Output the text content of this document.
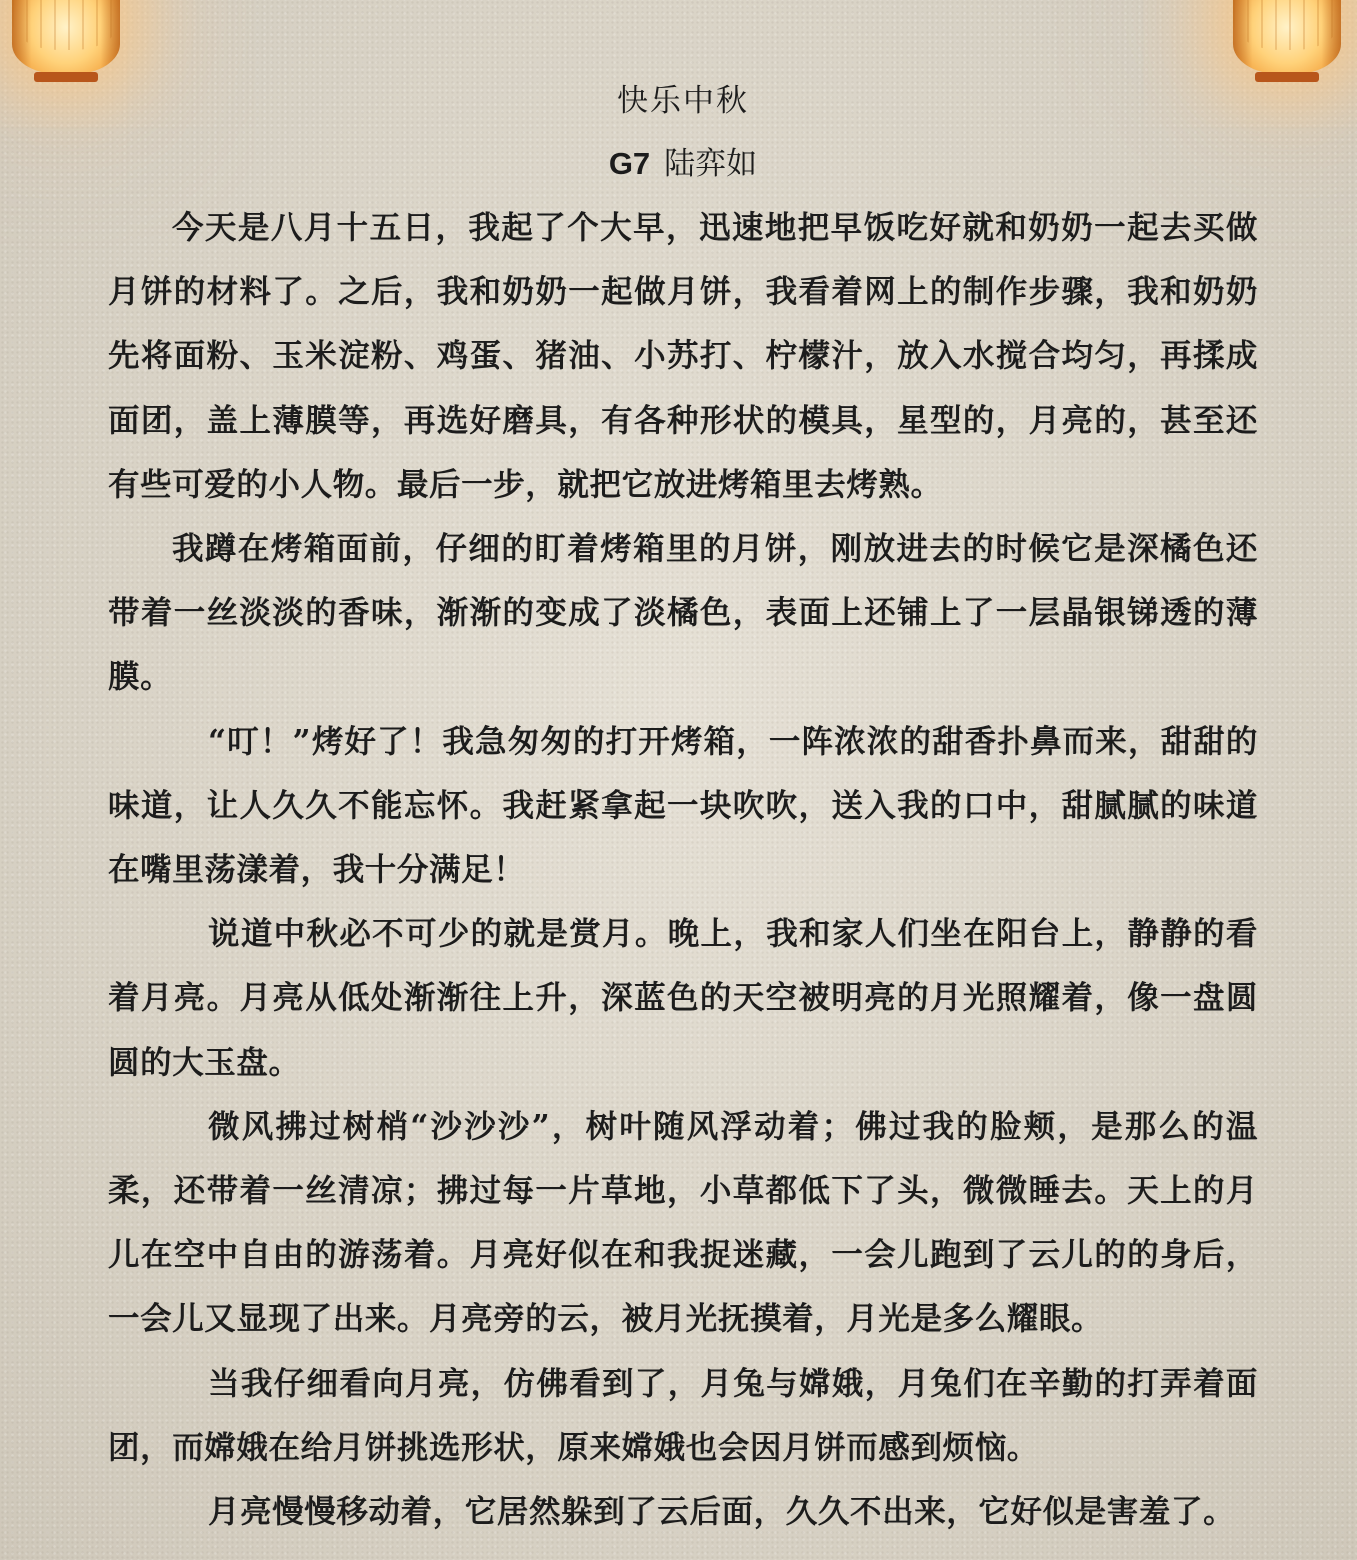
快乐中秋

G7 陆弈如

今天是八月十五日，我起了个大早，迅速地把早饭吃好就和奶奶一起去买做月饼的材料了。之后，我和奶奶一起做月饼，我看着网上的制作步骤，我和奶奶先将面粉、玉米淀粉、鸡蛋、猪油、小苏打、柠檬汁，放入水搅合均匀，再揉成面团，盖上薄膜等，再选好磨具，有各种形状的模具，星型的，月亮的，甚至还有些可爱的小人物。最后一步，就把它放进烤箱里去烤熟。

我蹲在烤箱面前，仔细的盯着烤箱里的月饼，刚放进去的时候它是深橘色还带着一丝淡淡的香味，渐渐的变成了淡橘色，表面上还铺上了一层晶银锑透的薄膜。

“叮！”烤好了！我急匆匆的打开烤箱，一阵浓浓的甜香扑鼻而来，甜甜的味道，让人久久不能忘怀。我赶紧拿起一块吹吹，送入我的口中，甜腻腻的味道在嘴里荡漾着，我十分满足！

说道中秋必不可少的就是赏月。晚上，我和家人们坐在阳台上，静静的看着月亮。月亮从低处渐渐往上升，深蓝色的天空被明亮的月光照耀着，像一盘圆圆的大玉盘。

微风拂过树梢“沙沙沙”，树叶随风浮动着；佛过我的脸颊，是那么的温柔，还带着一丝清凉；拂过每一片草地，小草都低下了头，微微睡去。天上的月儿在空中自由的游荡着。月亮好似在和我捉迷藏，一会儿跑到了云儿的的身后，一会儿又显现了出来。月亮旁的云，被月光抚摸着，月光是多么耀眼。

当我仔细看向月亮，仿佛看到了，月兔与嫦娥，月兔们在辛勤的打弄着面团，而嫦娥在给月饼挑选形状，原来嫦娥也会因月饼而感到烦恼。

月亮慢慢移动着，它居然躲到了云后面，久久不出来，它好似是害羞了。
